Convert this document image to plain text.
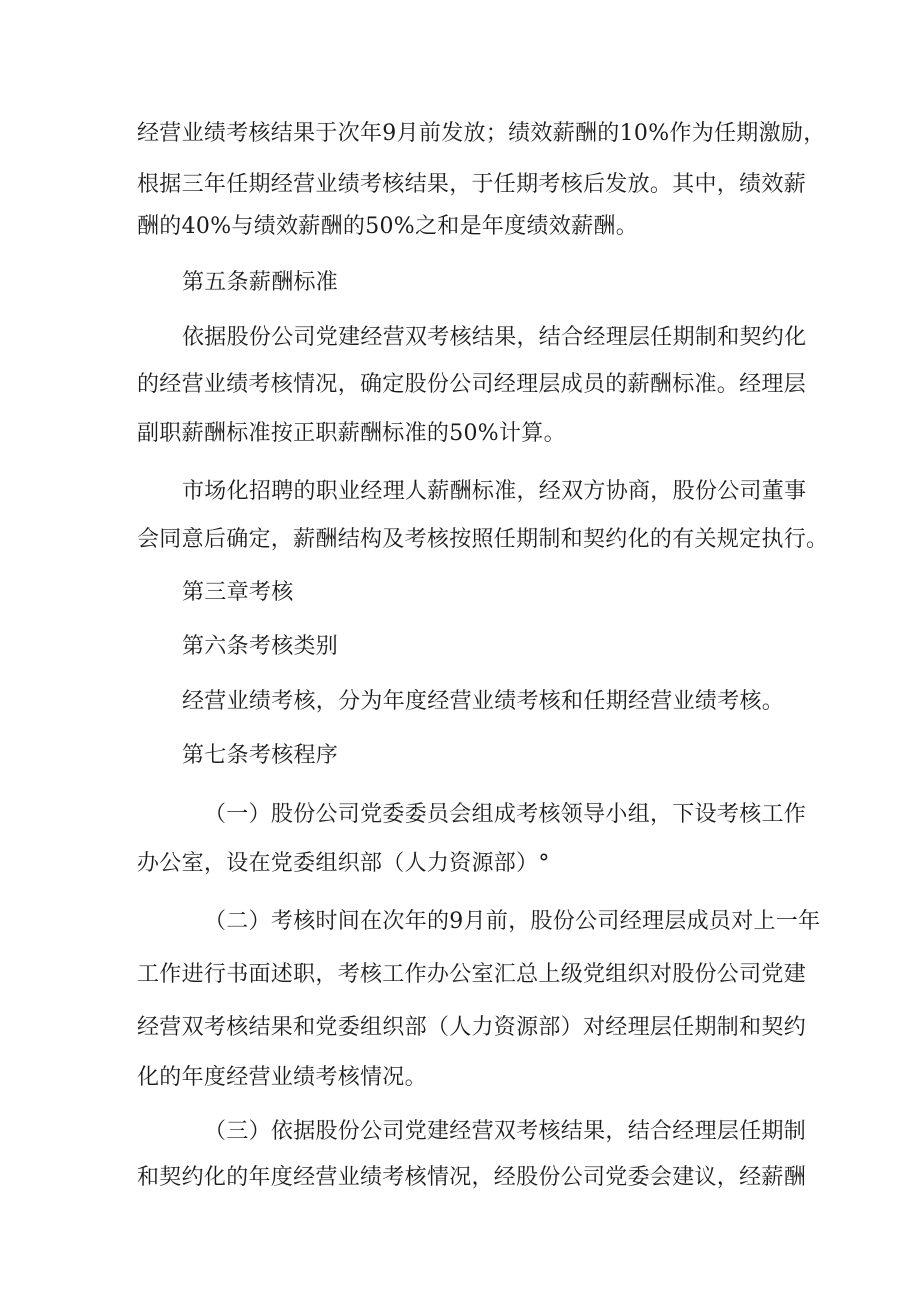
经营业绩考核结果于次年9月前发放；绩效薪酬的10%作为任期激励，

根据三年任期经营业绩考核结果，于任期考核后发放。其中，绩效薪

酬的40%与绩效薪酬的50%之和是年度绩效薪酬。

第五条薪酬标准

依据股份公司党建经营双考核结果，结合经理层任期制和契约化

的经营业绩考核情况，确定股份公司经理层成员的薪酬标准。经理层

副职薪酬标准按正职薪酬标准的50%计算。

市场化招聘的职业经理人薪酬标准，经双方协商，股份公司董事

会同意后确定，薪酬结构及考核按照任期制和契约化的有关规定执行。

第三章考核

第六条考核类别

经营业绩考核，分为年度经营业绩考核和任期经营业绩考核。

第七条考核程序

（一）股份公司党委委员会组成考核领导小组，下设考核工作

办公室，设在党委组织部（人力资源部）°

（二）考核时间在次年的9月前，股份公司经理层成员对上一年

工作进行书面述职，考核工作办公室汇总上级党组织对股份公司党建

经营双考核结果和党委组织部（人力资源部）对经理层任期制和契约

化的年度经营业绩考核情况。

（三）依据股份公司党建经营双考核结果，结合经理层任期制

和契约化的年度经营业绩考核情况，经股份公司党委会建议，经薪酬
